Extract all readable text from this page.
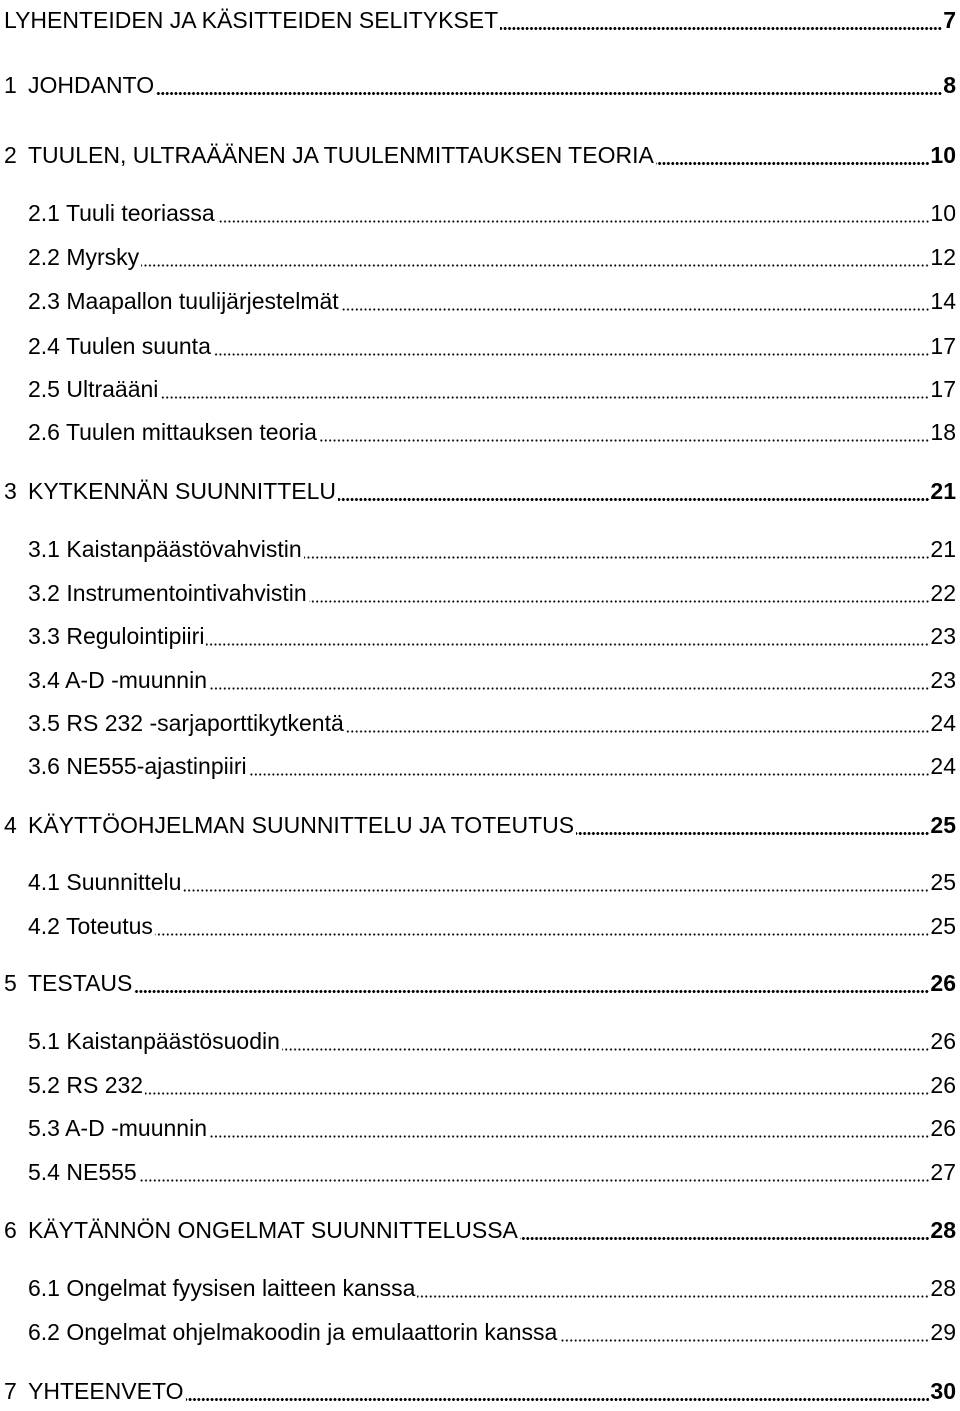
LYHENTEIDEN JA KÄSITTEIDEN SELITYKSET	7
1 JOHDANTO	8
2 TUULEN, ULTRAÄÄNEN JA TUULENMITTAUKSEN TEORIA	10
2.1 Tuuli teoriassa	10
2.2 Myrsky	12
2.3 Maapallon tuulijärjestelmät	14
2.4 Tuulen suunta	17
2.5 Ultraääni	17
2.6 Tuulen mittauksen teoria	18
3 KYTKENNÄN SUUNNITTELU	21
3.1 Kaistanpäästövahvistin	21
3.2 Instrumentointivahvistin	22
3.3 Regulointipiiri	23
3.4 A-D -muunnin	23
3.5 RS 232 -sarjaporttikytkentä	24
3.6 NE555-ajastinpiiri	24
4 KÄYTTÖOHJELMAN SUUNNITTELU JA TOTEUTUS	25
4.1 Suunnittelu	25
4.2 Toteutus	25
5 TESTAUS	26
5.1 Kaistanpäästösuodin	26
5.2 RS 232	26
5.3 A-D -muunnin	26
5.4 NE555	27
6 KÄYTÄNNÖN ONGELMAT SUUNNITTELUSSA	28
6.1 Ongelmat fyysisen laitteen kanssa	28
6.2 Ongelmat ohjelmakoodin ja emulaattorin kanssa	29
7 YHTEENVETO	30
